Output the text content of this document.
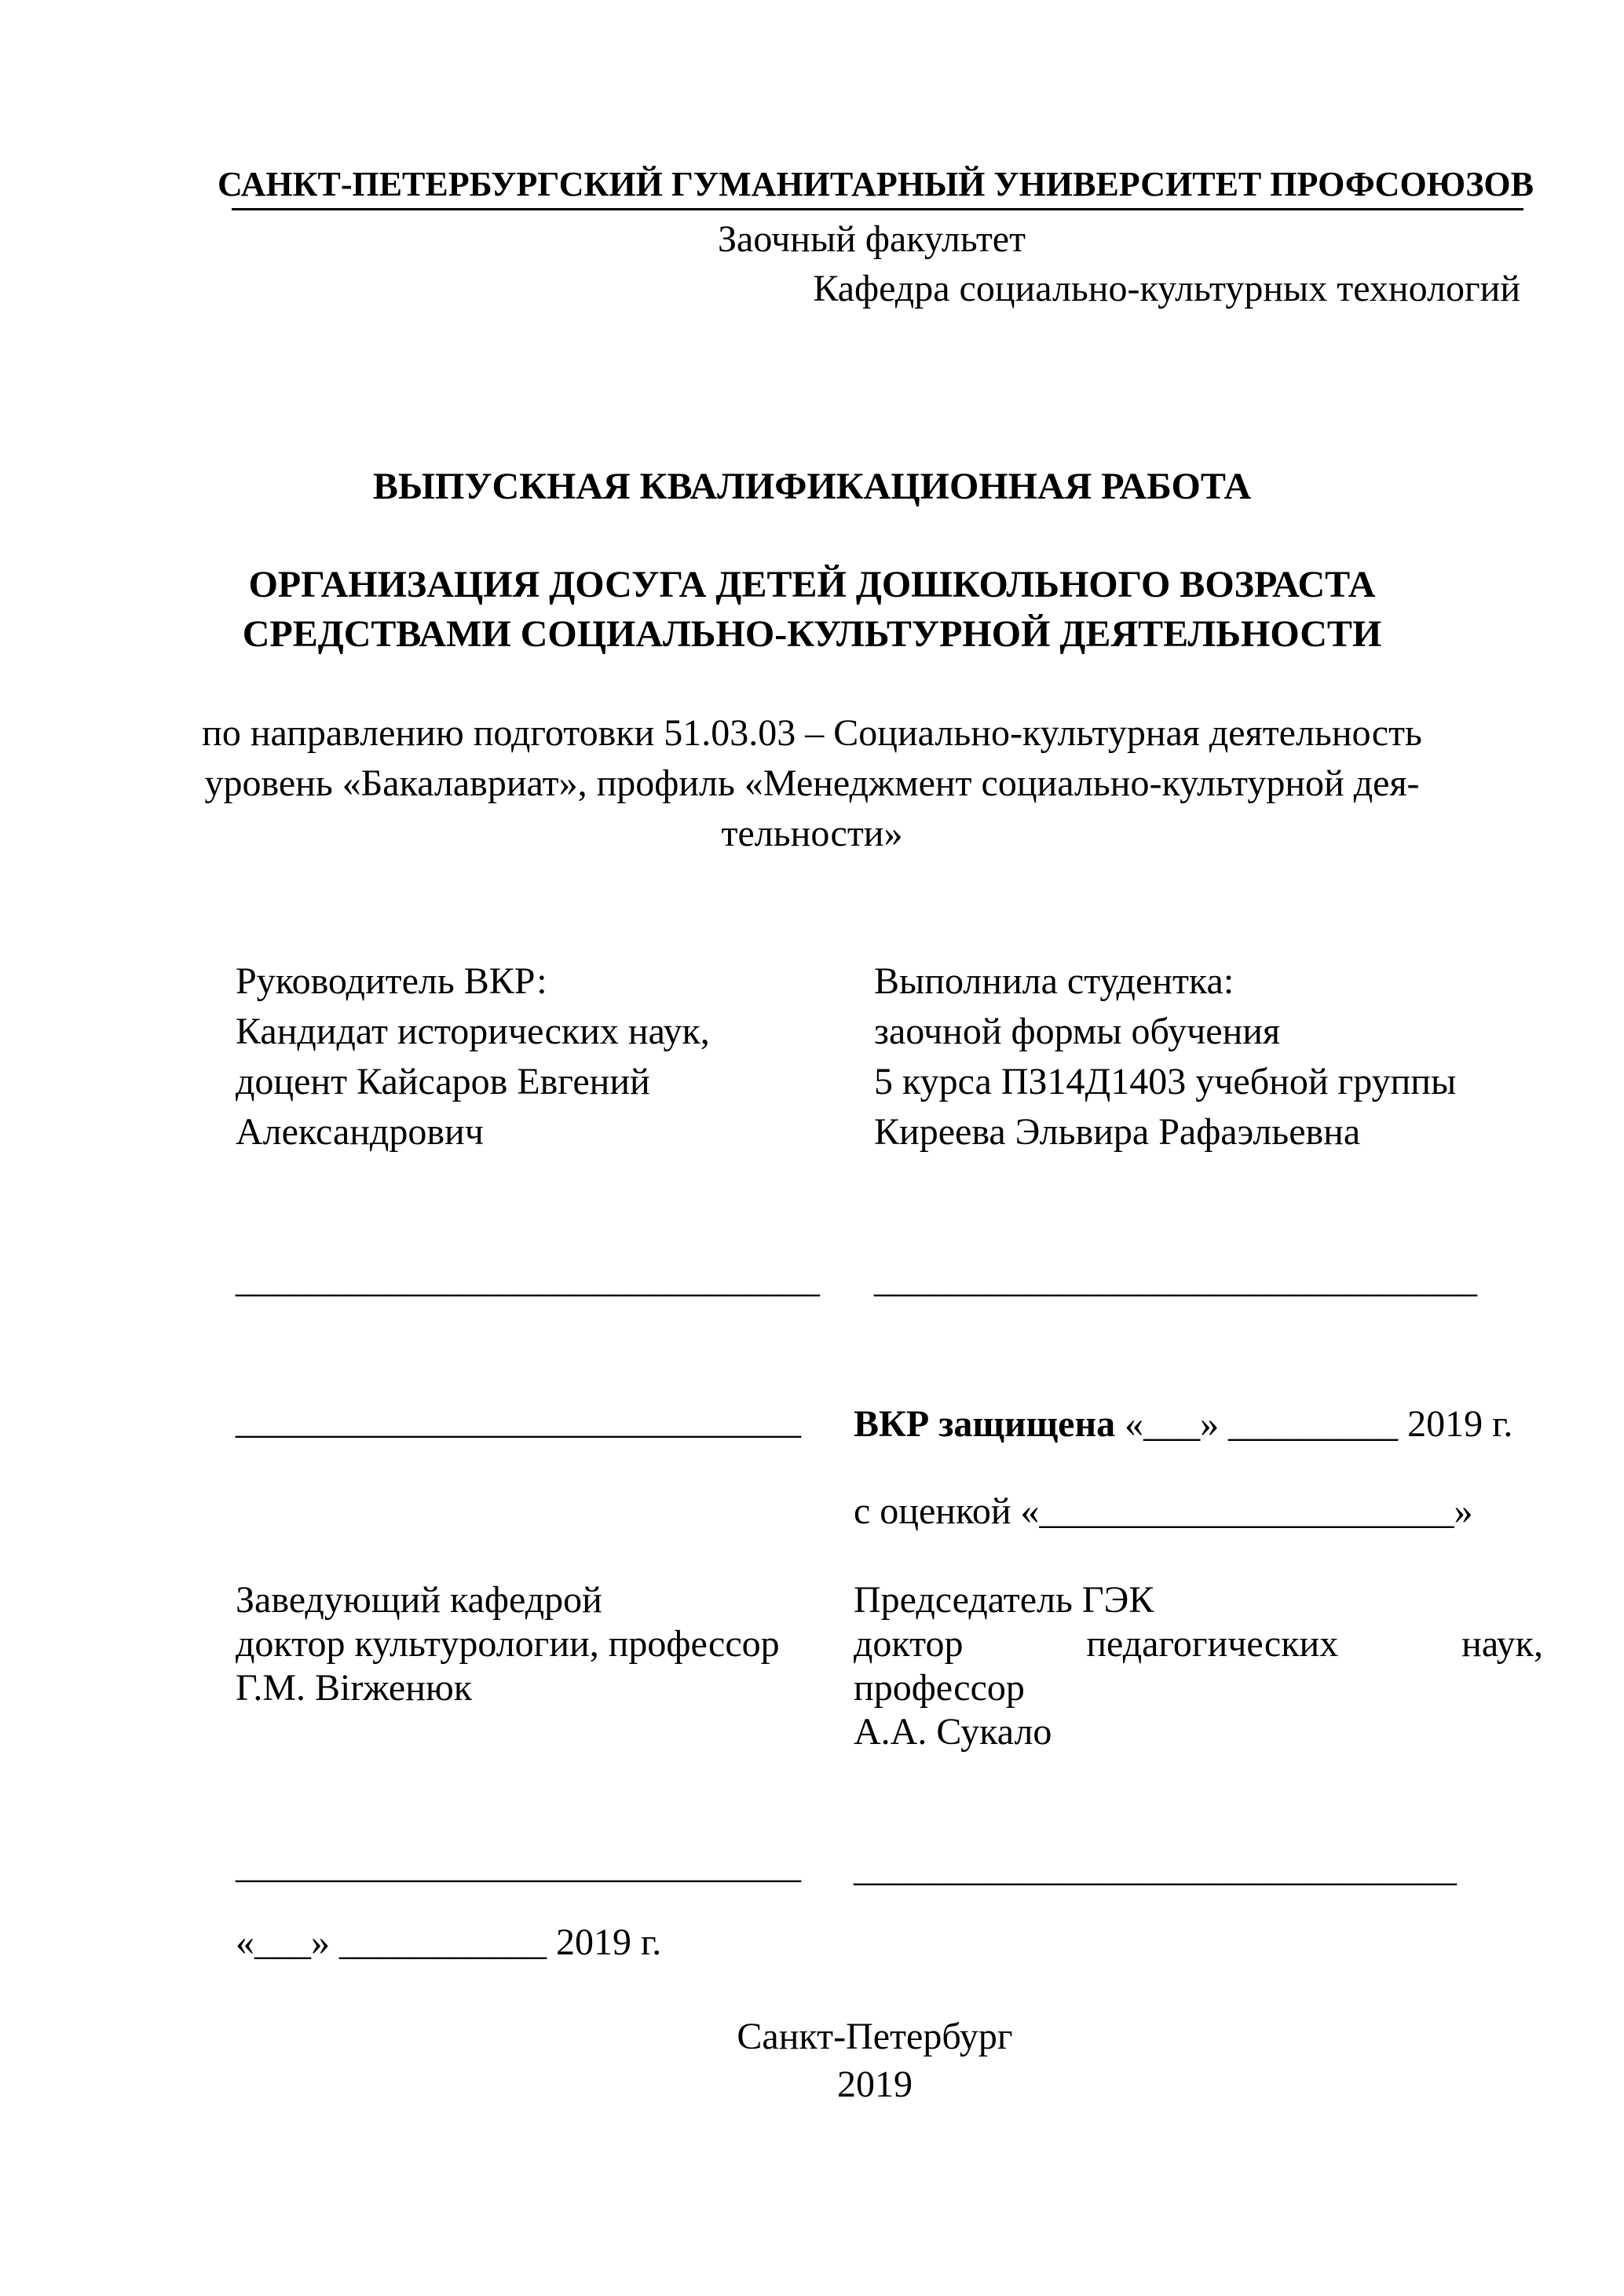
САНКТ-ПЕТЕРБУРГСКИЙ ГУМАНИТАРНЫЙ УНИВЕРСИТЕТ ПРОФСОЮЗОВ
Заочный факультет
Кафедра социально-культурных технологий
ВЫПУСКНАЯ КВАЛИФИКАЦИОННАЯ РАБОТА
ОРГАНИЗАЦИЯ ДОСУГА ДЕТЕЙ ДОШКОЛЬНОГО ВОЗРАСТА
СРЕДСТВАМИ СОЦИАЛЬНО-КУЛЬТУРНОЙ ДЕЯТЕЛЬНОСТИ
по направлению подготовки 51.03.03 – Социально-культурная деятельность
уровень «Бакалавриат», профиль «Менеджмент социально-культурной дея-
тельности»
Руководитель ВКР:
Кандидат исторических наук,
доцент Кайсаров Евгений
Александрович
Выполнила студентка:
заочной формы обучения
5 курса ПЗ14Д1403 учебной группы
Киреева Эльвира Рафаэльевна
_______________________________ ________________________________
______________________________ ВКР защищена «___» _________ 2019 г.
с оценкой «______________________»
Заведующий кафедрой
доктор культурологии, профессор
Г.М. Birженюк
Председатель ГЭК
доктор педагогических наук,
профессор
А.А. Сукало
______________________________ ________________________________
«___» ___________ 2019 г.
Санкт-Петербург
2019
